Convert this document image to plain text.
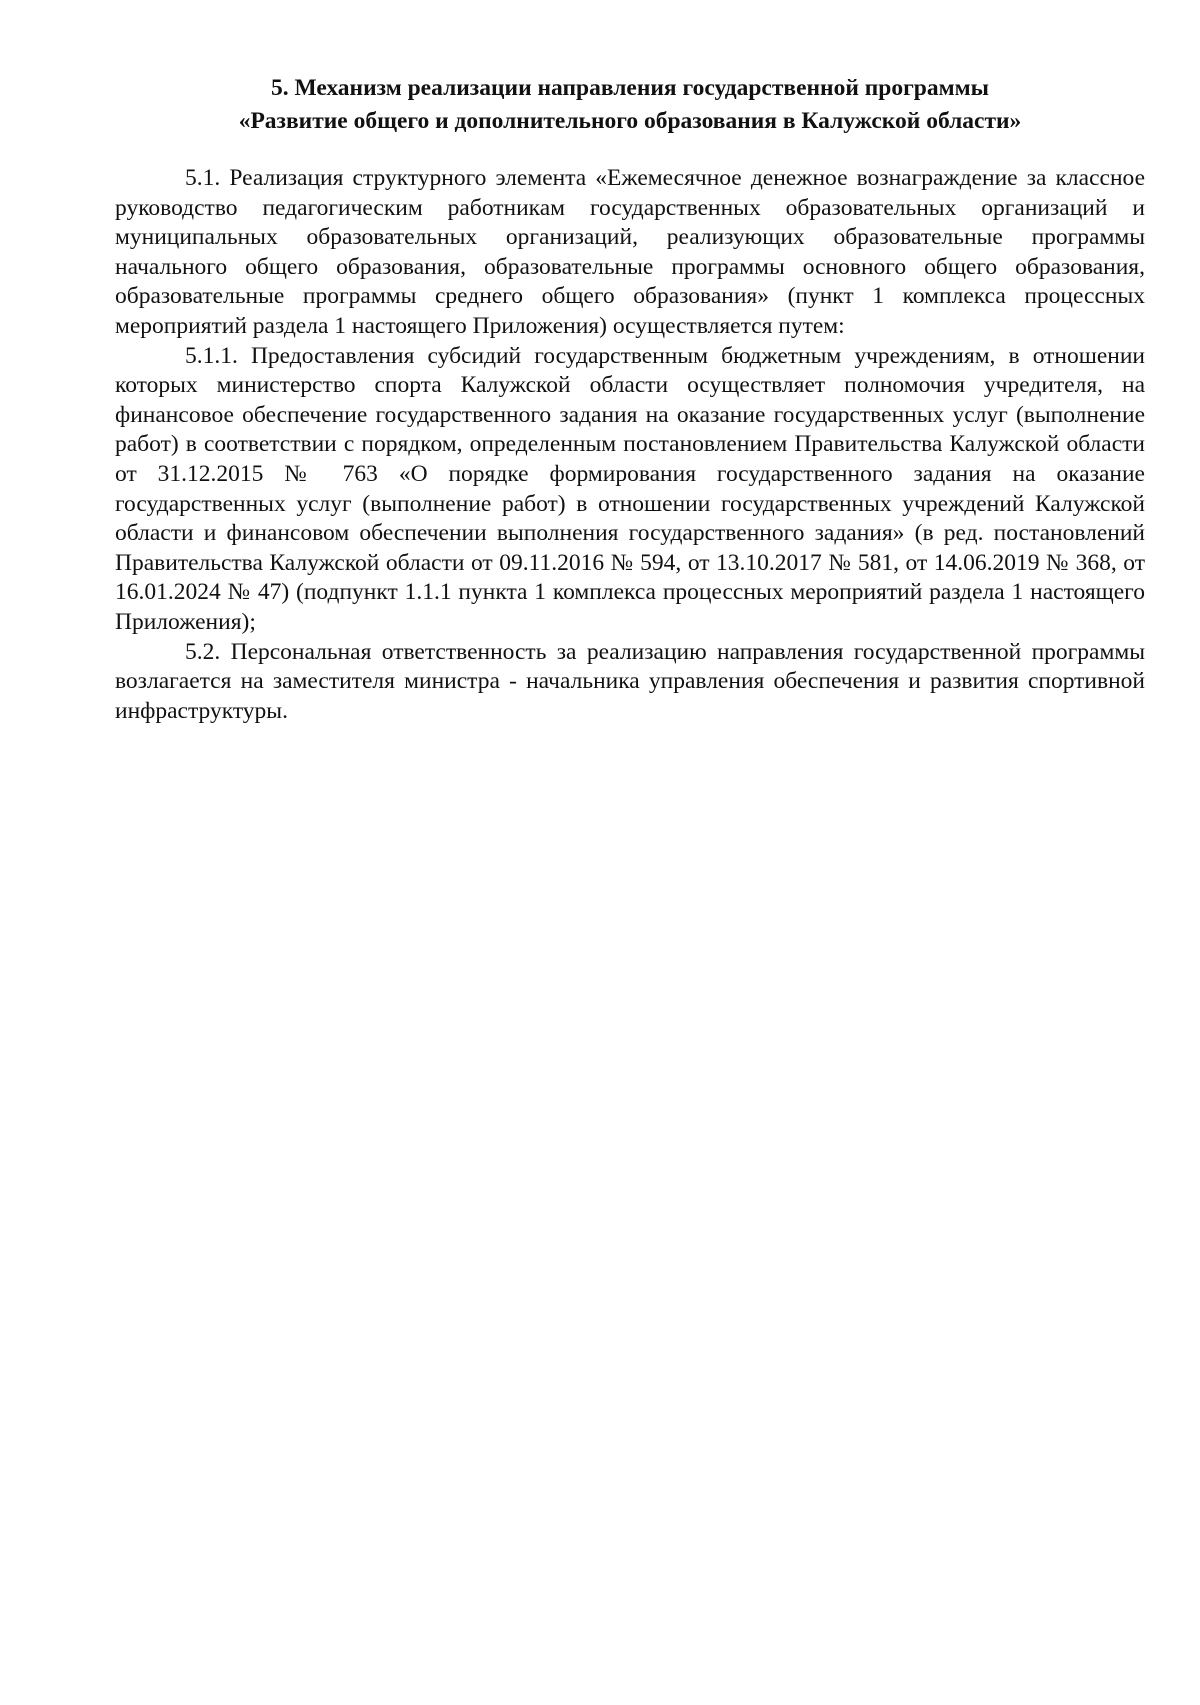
5. Механизм реализации направления государственной программы
«Развитие общего и дополнительного образования в Калужской области»

5.1. Реализация структурного элемента «Ежемесячное денежное вознаграждение за классное руководство педагогическим работникам государственных образовательных организаций и муниципальных образовательных организаций, реализующих образовательные программы начального общего образования, образовательные программы основного общего образования, образовательные программы среднего общего образования» (пункт 1 комплекса процессных мероприятий раздела 1 настоящего Приложения) осуществляется путем:

5.1.1. Предоставления субсидий государственным бюджетным учреждениям, в отношении которых министерство спорта Калужской области осуществляет полномочия учредителя, на финансовое обеспечение государственного задания на оказание государственных услуг (выполнение работ) в соответствии с порядком, определенным постановлением Правительства Калужской области от 31.12.2015 № 763 «О порядке формирования государственного задания на оказание государственных услуг (выполнение работ) в отношении государственных учреждений Калужской области и финансовом обеспечении выполнения государственного задания» (в ред. постановлений Правительства Калужской области от 09.11.2016 № 594, от 13.10.2017 № 581, от 14.06.2019 № 368, от 16.01.2024 № 47) (подпункт 1.1.1 пункта 1 комплекса процессных мероприятий раздела 1 настоящего Приложения);

5.2. Персональная ответственность за реализацию направления государственной программы возлагается на заместителя министра - начальника управления обеспечения и развития спортивной инфраструктуры.
